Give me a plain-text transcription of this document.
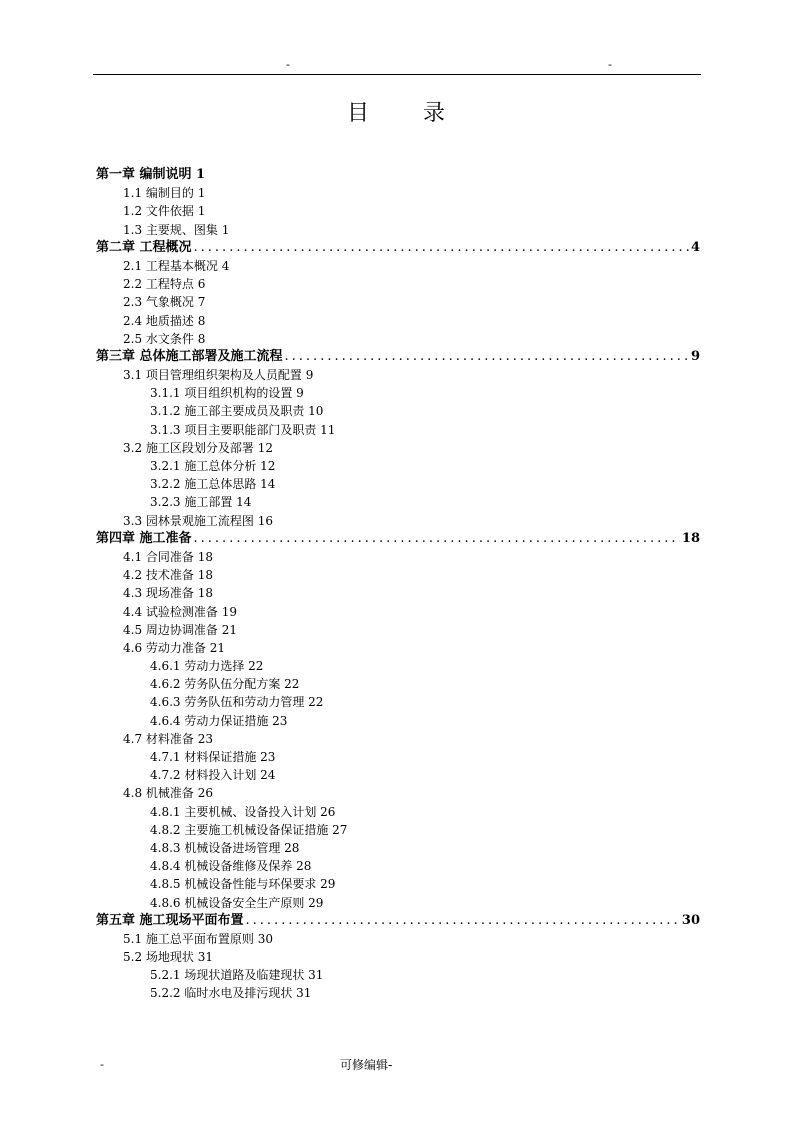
-	-
目 录
第一章 编制说明 1
1.1 编制目的 1
1.2 文件依据 1
1.3 主要规、图集 1
第二章 工程概况 .....	4
2.1 工程基本概况 4
2.2 工程特点 6
2.3 气象概况 7
2.4 地质描述 8
2.5 水文条件 8
第三章 总体施工部署及施工流程 .....	9
3.1 项目管理组织架构及人员配置 9
3.1.1 项目组织机构的设置 9
3.1.2 施工部主要成员及职责 10
3.1.3 项目主要职能部门及职责 11
3.2 施工区段划分及部署 12
3.2.1 施工总体分析 12
3.2.2 施工总体思路 14
3.2.3 施工部置 14
3.3 园林景观施工流程图 16
第四章 施工准备 .....	18
4.1 合同准备 18
4.2 技术准备 18
4.3 现场准备 18
4.4 试验检测准备 19
4.5 周边协调准备 21
4.6 劳动力准备 21
4.6.1 劳动力选择 22
4.6.2 劳务队伍分配方案 22
4.6.3 劳务队伍和劳动力管理 22
4.6.4 劳动力保证措施 23
4.7 材料准备 23
4.7.1 材料保证措施 23
4.7.2 材料投入计划 24
4.8 机械准备 26
4.8.1 主要机械、设备投入计划 26
4.8.2 主要施工机械设备保证措施 27
4.8.3 机械设备进场管理 28
4.8.4 机械设备维修及保养 28
4.8.5 机械设备性能与环保要求 29
4.8.6 机械设备安全生产原则 29
第五章 施工现场平面布置 .....	30
5.1 施工总平面布置原则 30
5.2 场地现状 31
5.2.1 场现状道路及临建现状 31
5.2.2 临时水电及排污现状 31
-	可修编辑-
